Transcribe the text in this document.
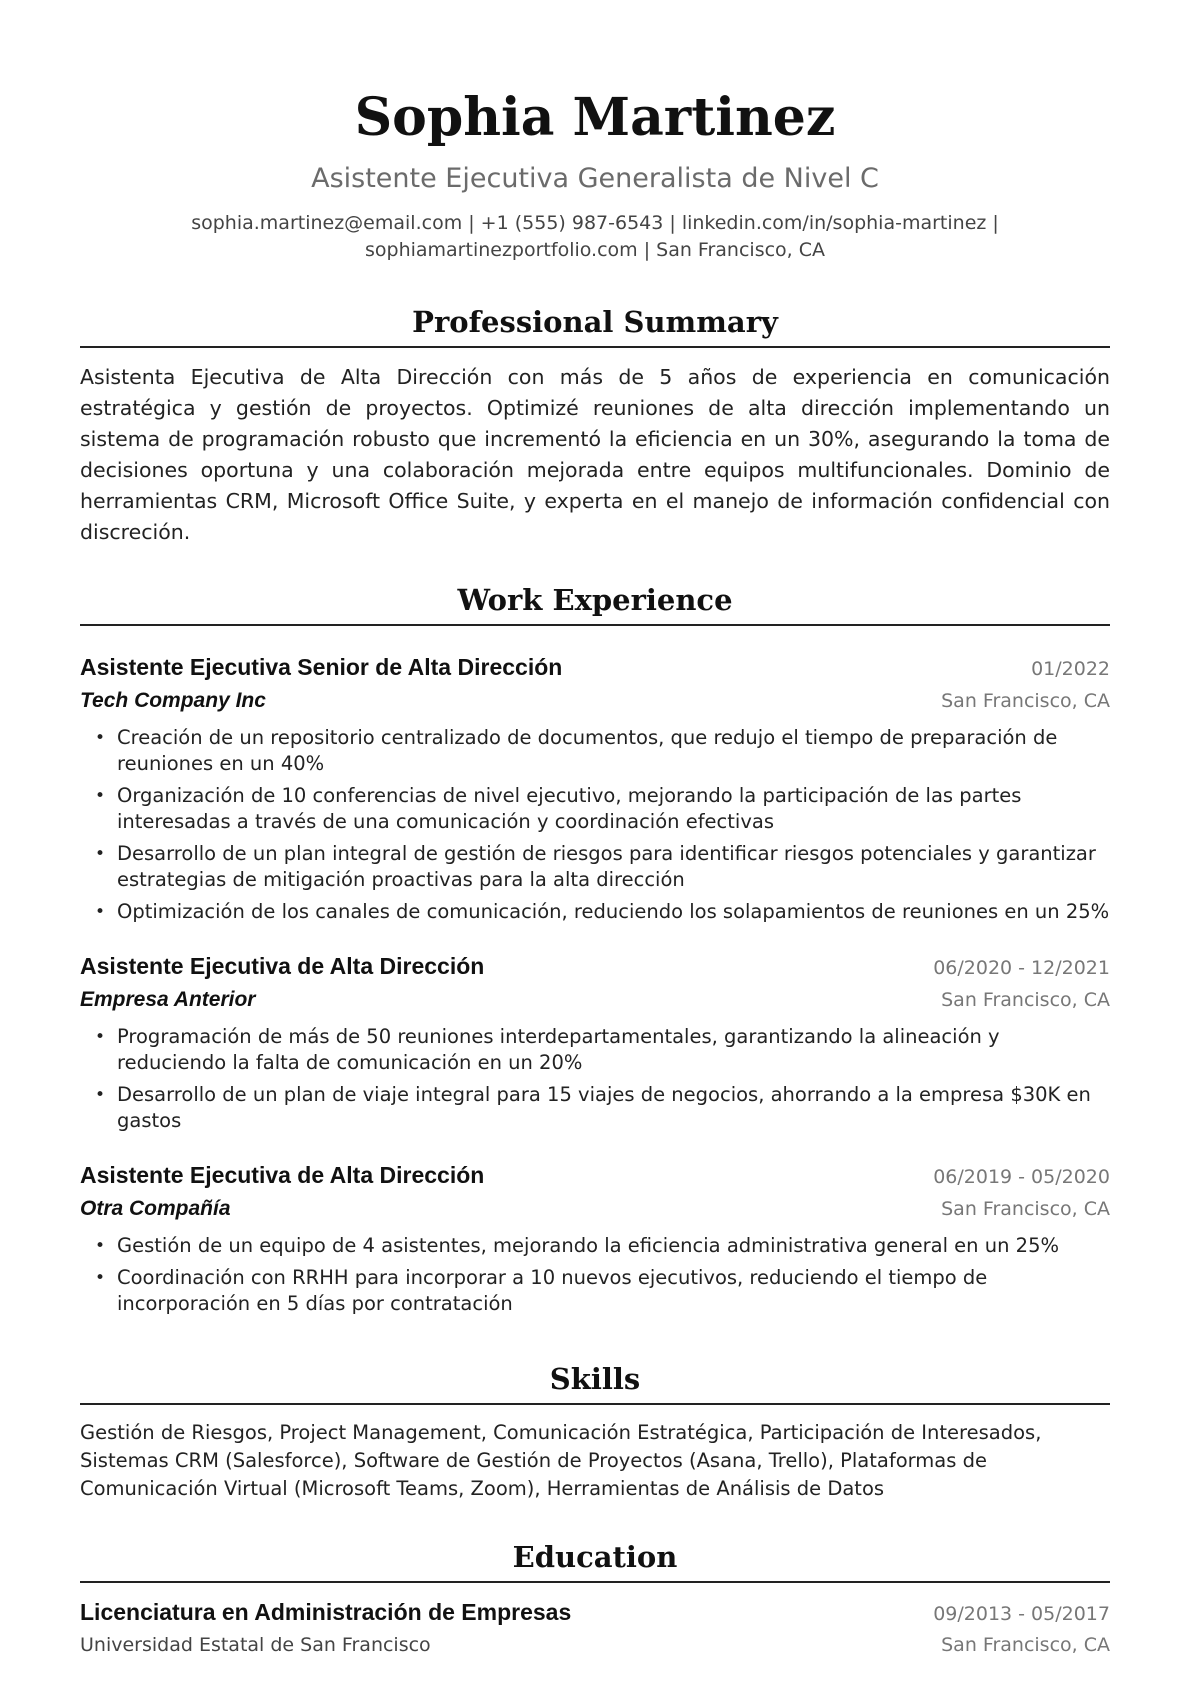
Sophia Martinez
Asistente Ejecutiva Generalista de Nivel C
sophia.martinez@email.com | +1 (555) 987-6543 | linkedin.com/in/sophia-martinez |
sophiamartinezportfolio.com | San Francisco, CA
Professional Summary
Asistenta Ejecutiva de Alta Dirección con más de 5 años de experiencia en comunicación estratégica y gestión de proyectos. Optimizé reuniones de alta dirección implementando un sistema de programación robusto que incrementó la eficiencia en un 30%, asegurando la toma de decisiones oportuna y una colaboración mejorada entre equipos multifuncionales. Dominio de herramientas CRM, Microsoft Office Suite, y experta en el manejo de información confidencial con discreción.
Work Experience
Asistente Ejecutiva Senior de Alta Dirección	01/2022
Tech Company Inc	San Francisco, CA
• Creación de un repositorio centralizado de documentos, que redujo el tiempo de preparación de reuniones en un 40%
• Organización de 10 conferencias de nivel ejecutivo, mejorando la participación de las partes interesadas a través de una comunicación y coordinación efectivas
• Desarrollo de un plan integral de gestión de riesgos para identificar riesgos potenciales y garantizar estrategias de mitigación proactivas para la alta dirección
• Optimización de los canales de comunicación, reduciendo los solapamientos de reuniones en un 25%
Asistente Ejecutiva de Alta Dirección	06/2020 - 12/2021
Empresa Anterior	San Francisco, CA
• Programación de más de 50 reuniones interdepartamentales, garantizando la alineación y reduciendo la falta de comunicación en un 20%
• Desarrollo de un plan de viaje integral para 15 viajes de negocios, ahorrando a la empresa $30K en gastos
Asistente Ejecutiva de Alta Dirección	06/2019 - 05/2020
Otra Compañía	San Francisco, CA
• Gestión de un equipo de 4 asistentes, mejorando la eficiencia administrativa general en un 25%
• Coordinación con RRHH para incorporar a 10 nuevos ejecutivos, reduciendo el tiempo de incorporación en 5 días por contratación
Skills
Gestión de Riesgos, Project Management, Comunicación Estratégica, Participación de Interesados, Sistemas CRM (Salesforce), Software de Gestión de Proyectos (Asana, Trello), Plataformas de Comunicación Virtual (Microsoft Teams, Zoom), Herramientas de Análisis de Datos
Education
Licenciatura en Administración de Empresas	09/2013 - 05/2017
Universidad Estatal de San Francisco	San Francisco, CA
